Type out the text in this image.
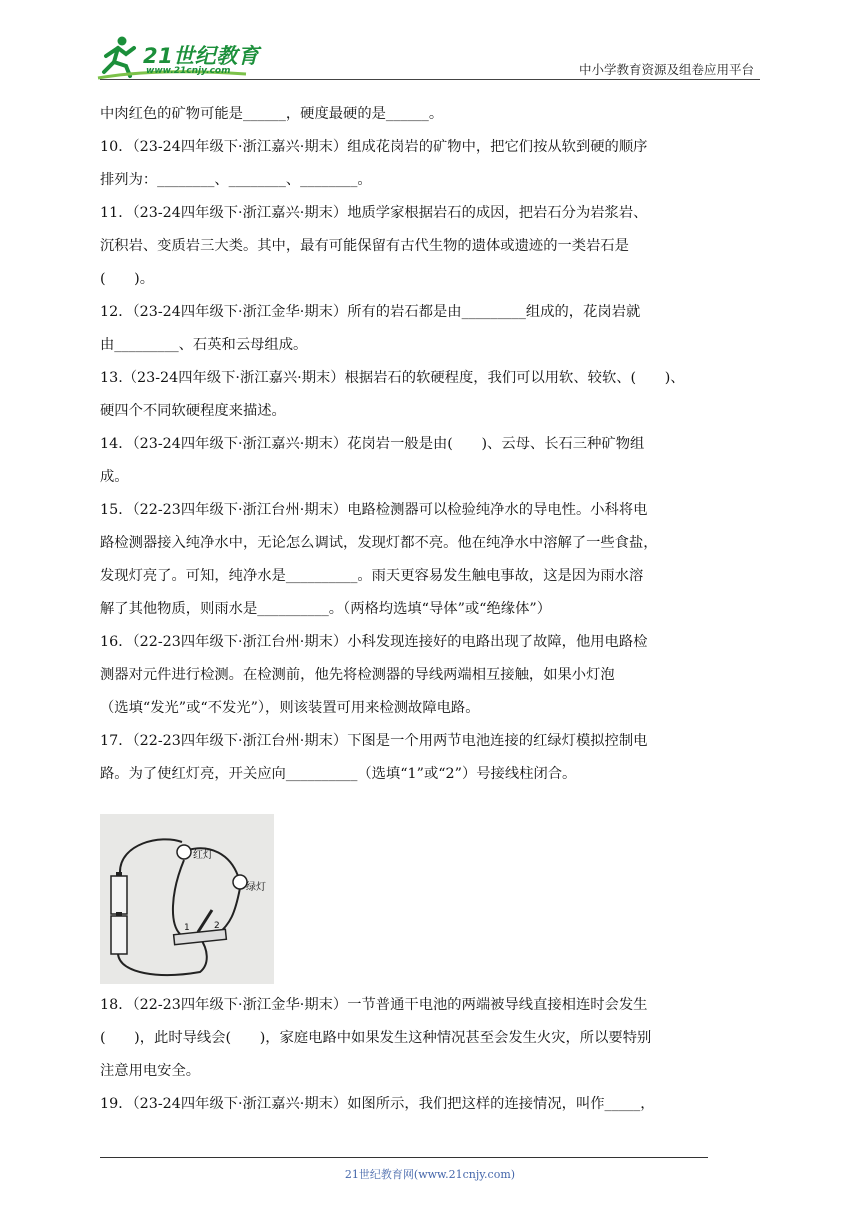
21世纪教育
www.21cnjy.com	中小学教育资源及组卷应用平台
中肉红色的矿物可能是______，硬度最硬的是______。
10．（23-24四年级下·浙江嘉兴·期末）组成花岗岩的矿物中，把它们按从软到硬的顺序
排列为：________、________、________。
11．（23-24四年级下·浙江嘉兴·期末）地质学家根据岩石的成因，把岩石分为岩浆岩、
沉积岩、变质岩三大类。其中，最有可能保留有古代生物的遗体或遗迹的一类岩石是
(　　)。
12．（23-24四年级下·浙江金华·期末）所有的岩石都是由_________组成的，花岗岩就
由_________、石英和云母组成。
13.（23-24四年级下·浙江嘉兴·期末）根据岩石的软硬程度，我们可以用软、较软、(　　)、
硬四个不同软硬程度来描述。
14．（23-24四年级下·浙江嘉兴·期末）花岗岩一般是由(　　)、云母、长石三种矿物组
成。
15．（22-23四年级下·浙江台州·期末）电路检测器可以检验纯净水的导电性。小科将电
路检测器接入纯净水中，无论怎么调试，发现灯都不亮。他在纯净水中溶解了一些食盐，
发现灯亮了。可知，纯净水是__________。雨天更容易发生触电事故，这是因为雨水溶
解了其他物质，则雨水是__________。（两格均选填“导体”或“绝缘体”）
16．（22-23四年级下·浙江台州·期末）小科发现连接好的电路出现了故障，他用电路检
测器对元件进行检测。在检测前，他先将检测器的导线两端相互接触，如果小灯泡
（选填“发光”或“不发光”），则该装置可用来检测故障电路。
17．（22-23四年级下·浙江台州·期末）下图是一个用两节电池连接的红绿灯模拟控制电
路。为了使红灯亮，开关应向__________（选填“1”或“2”）号接线柱闭合。
红灯
绿灯
1	2
18．（22-23四年级下·浙江金华·期末）一节普通干电池的两端被导线直接相连时会发生
(　　)，此时导线会(　　)，家庭电路中如果发生这种情况甚至会发生火灾，所以要特别
注意用电安全。
19．（23-24四年级下·浙江嘉兴·期末）如图所示，我们把这样的连接情况，叫作_____，
21世纪教育网(www.21cnjy.com)
